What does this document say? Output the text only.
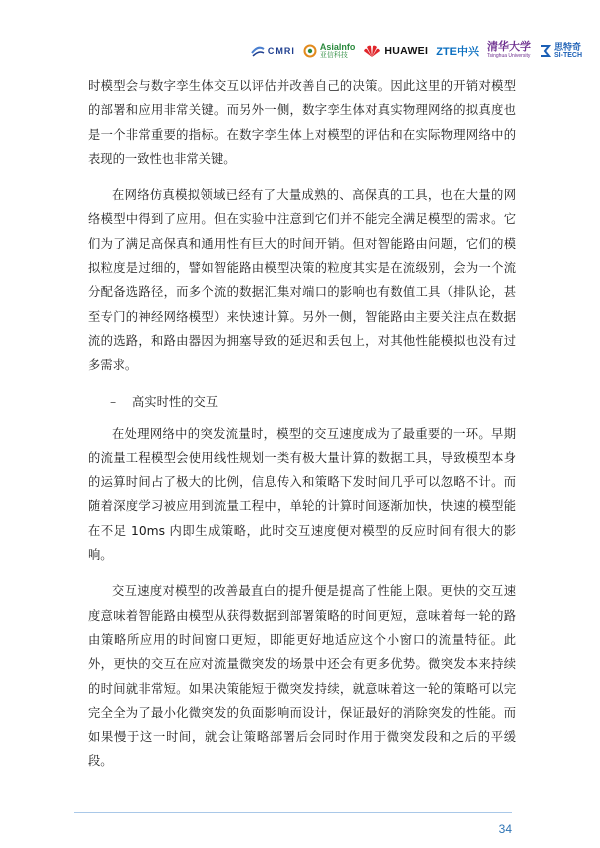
CMRI	AsiaInfo
亚信科技	HUAWEI ZTE中兴 清华大学
Tsinghua University
思特奇
SI-TECH

时模型会与数字孪生体交互以评估并改善自己的决策。因此这里的开销对模型的部署和应用非常关键。而另外一侧，数字孪生体对真实物理网络的拟真度也是一个非常重要的指标。在数字孪生体上对模型的评估和在实际物理网络中的表现的一致性也非常关键。

在网络仿真模拟领域已经有了大量成熟的、高保真的工具，也在大量的网络模型中得到了应用。但在实验中注意到它们并不能完全满足模型的需求。它们为了满足高保真和通用性有巨大的时间开销。但对智能路由问题，它们的模拟粒度是过细的，譬如智能路由模型决策的粒度其实是在流级别，会为一个流分配备选路径，而多个流的数据汇集对端口的影响也有数值工具（排队论，甚至专门的神经网络模型）来快速计算。另外一侧，智能路由主要关注点在数据流的选路，和路由器因为拥塞导致的延迟和丢包上，对其他性能模拟也没有过多需求。

–	高实时性的交互

在处理网络中的突发流量时，模型的交互速度成为了最重要的一环。早期的流量工程模型会使用线性规划一类有极大量计算的数据工具，导致模型本身的运算时间占了极大的比例，信息传入和策略下发时间几乎可以忽略不计。而随着深度学习被应用到流量工程中，单轮的计算时间逐渐加快，快速的模型能在不足 10ms 内即生成策略，此时交互速度便对模型的反应时间有很大的影响。

交互速度对模型的改善最直白的提升便是提高了性能上限。更快的交互速度意味着智能路由模型从获得数据到部署策略的时间更短，意味着每一轮的路由策略所应用的时间窗口更短，即能更好地适应这个小窗口的流量特征。此外，更快的交互在应对流量微突发的场景中还会有更多优势。微突发本来持续的时间就非常短。如果决策能短于微突发持续，就意味着这一轮的策略可以完完全全为了最小化微突发的负面影响而设计，保证最好的消除突发的性能。而如果慢于这一时间，就会让策略部署后会同时作用于微突发段和之后的平缓段。

34
